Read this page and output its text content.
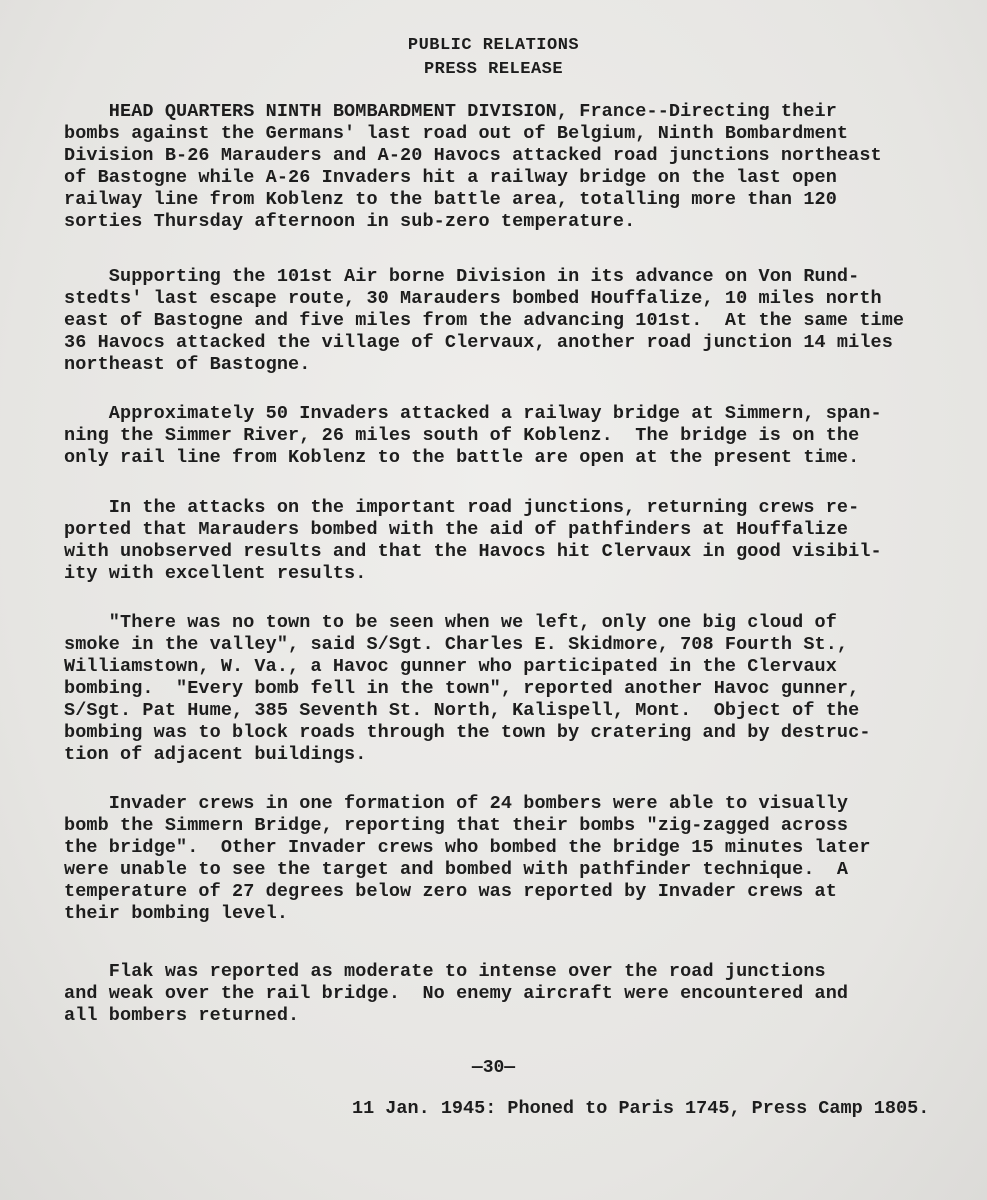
PUBLIC RELATIONS
PRESS RELEASE
HEAD QUARTERS NINTH BOMBARDMENT DIVISION, France--Directing their
bombs against the Germans' last road out of Belgium, Ninth Bombardment
Division B-26 Marauders and A-20 Havocs attacked road junctions northeast
of Bastogne while A-26 Invaders hit a railway bridge on the last open
railway line from Koblenz to the battle area, totalling more than 120
sorties Thursday afternoon in sub-zero temperature.
Supporting the 101st Air borne Division in its advance on Von Rund-
stedts' last escape route, 30 Marauders bombed Houffalize, 10 miles north
east of Bastogne and five miles from the advancing 101st.  At the same time
36 Havocs attacked the village of Clervaux, another road junction 14 miles
northeast of Bastogne.
Approximately 50 Invaders attacked a railway bridge at Simmern, span-
ning the Simmer River, 26 miles south of Koblenz.  The bridge is on the
only rail line from Koblenz to the battle are open at the present time.
In the attacks on the important road junctions, returning crews re-
ported that Marauders bombed with the aid of pathfinders at Houffalize
with unobserved results and that the Havocs hit Clervaux in good visibil-
ity with excellent results.
"There was no town to be seen when we left, only one big cloud of
smoke in the valley", said S/Sgt. Charles E. Skidmore, 708 Fourth St.,
Williamstown, W. Va., a Havoc gunner who participated in the Clervaux
bombing.  "Every bomb fell in the town", reported another Havoc gunner,
S/Sgt. Pat Hume, 385 Seventh St. North, Kalispell, Mont.  Object of the
bombing was to block roads through the town by cratering and by destruc-
tion of adjacent buildings.
Invader crews in one formation of 24 bombers were able to visually
bomb the Simmern Bridge, reporting that their bombs "zig-zagged across
the bridge".  Other Invader crews who bombed the bridge 15 minutes later
were unable to see the target and bombed with pathfinder technique.  A
temperature of 27 degrees below zero was reported by Invader crews at
their bombing level.
Flak was reported as moderate to intense over the road junctions
and weak over the rail bridge.  No enemy aircraft were encountered and
all bombers returned.
—30—
11 Jan. 1945: Phoned to Paris 1745, Press Camp 1805.
